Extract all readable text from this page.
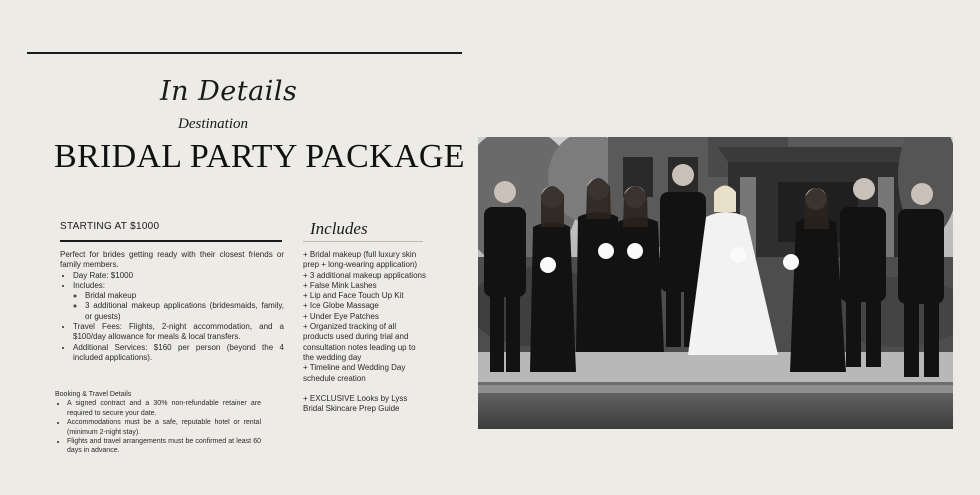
In Details
Destination
BRIDAL PARTY PACKAGE
STARTING AT $1000

Perfect for brides getting ready with their closest friends or family members.

• Day Rate: $1000
• Includes:
◦ Bridal makeup
◦ 3 additional makeup applications (bridesmaids, family, or guests)
• Travel Fees: Flights, 2-night accommodation, and a $100/day allowance for meals & local transfers.
• Additional Services: $160 per person (beyond the 4 included applications).

Booking & Travel Details

• A signed contract and a 30% non-refundable retainer are required to secure your date.
• Accommodations must be a safe, reputable hotel or rental (minimum 2-night stay).
• Flights and travel arrangements must be confirmed at least 60 days in advance.
Includes
+ Bridal makeup (full luxury skin prep + long-wearing application)
+ 3 additional makeup applications
+ False Mink Lashes
+ Lip and Face Touch Up Kit
+ Ice Globe Massage
+ Under Eye Patches
+ Organized tracking of all products used during trial and consultation notes leading up to the wedding day
+ Timeline and Wedding Day schedule creation
+ EXCLUSIVE Looks by Lyss Bridal Skincare Prep Guide
